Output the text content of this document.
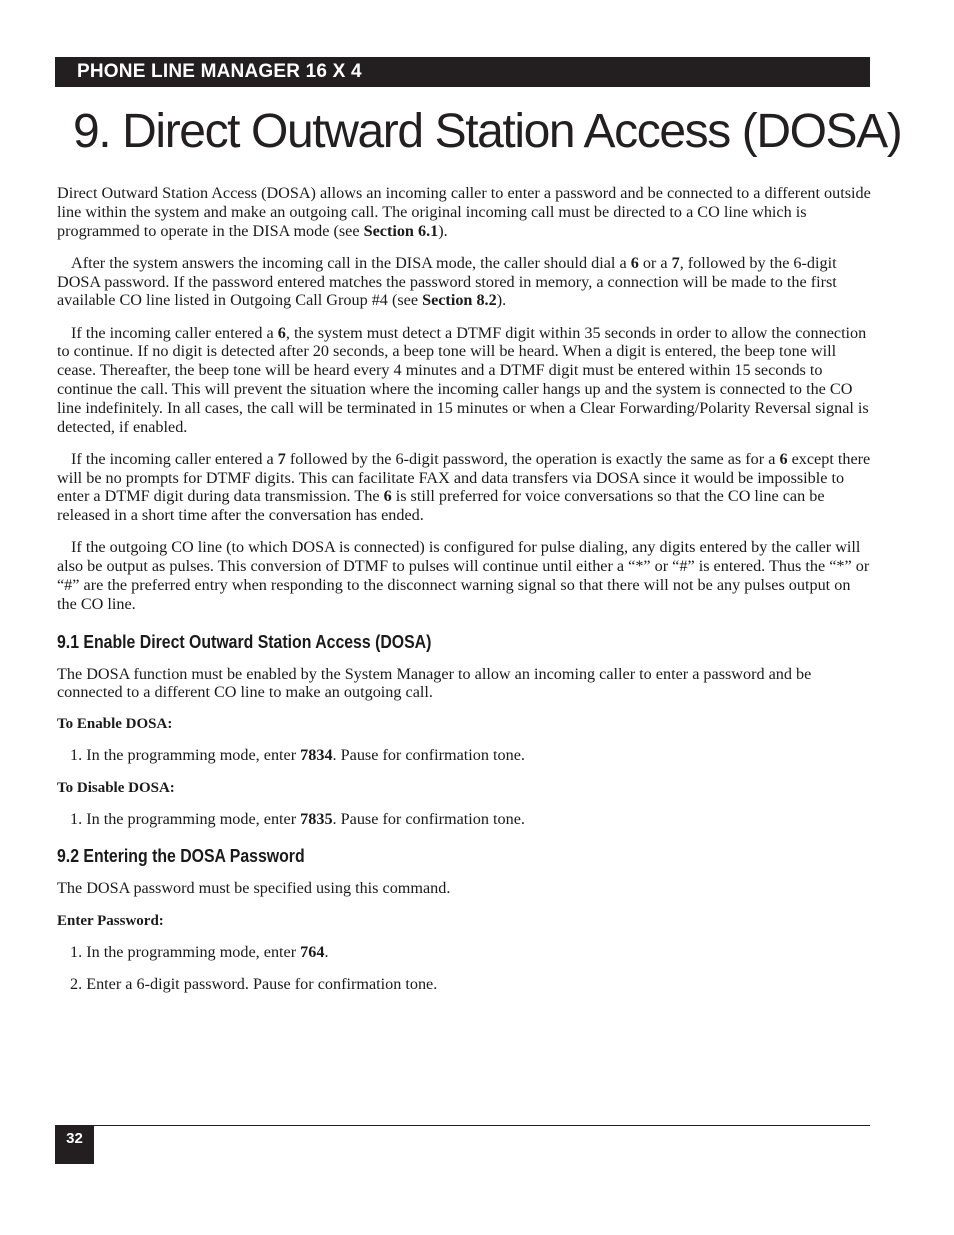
PHONE LINE MANAGER 16 X 4
9. Direct Outward Station Access (DOSA)

Direct Outward Station Access (DOSA) allows an incoming caller to enter a password and be connected to a different outside line within the system and make an outgoing call. The original incoming call must be directed to a CO line which is programmed to operate in the DISA mode (see Section 6.1).

After the system answers the incoming call in the DISA mode, the caller should dial a 6 or a 7, followed by the 6-digit DOSA password. If the password entered matches the password stored in memory, a connection will be made to the first available CO line listed in Outgoing Call Group #4 (see Section 8.2).

If the incoming caller entered a 6, the system must detect a DTMF digit within 35 seconds in order to allow the connection to continue. If no digit is detected after 20 seconds, a beep tone will be heard. When a digit is entered, the beep tone will cease. Thereafter, the beep tone will be heard every 4 minutes and a DTMF digit must be entered within 15 seconds to continue the call. This will prevent the situation where the incoming caller hangs up and the system is connected to the CO line indefinitely. In all cases, the call will be terminated in 15 minutes or when a Clear Forwarding/Polarity Reversal signal is detected, if enabled.

If the incoming caller entered a 7 followed by the 6-digit password, the operation is exactly the same as for a 6 except there will be no prompts for DTMF digits. This can facilitate FAX and data transfers via DOSA since it would be impossible to enter a DTMF digit during data transmission. The 6 is still preferred for voice conversations so that the CO line can be released in a short time after the conversation has ended.

If the outgoing CO line (to which DOSA is connected) is configured for pulse dialing, any digits entered by the caller will also be output as pulses. This conversion of DTMF to pulses will continue until either a “*” or “#” is entered. Thus the “*” or “#” are the preferred entry when responding to the disconnect warning signal so that there will not be any pulses output on the CO line.

9.1 Enable Direct Outward Station Access (DOSA)

The DOSA function must be enabled by the System Manager to allow an incoming caller to enter a password and be connected to a different CO line to make an outgoing call.

To Enable DOSA:

1. In the programming mode, enter 7834. Pause for confirmation tone.

To Disable DOSA:

1. In the programming mode, enter 7835. Pause for confirmation tone.

9.2 Entering the DOSA Password

The DOSA password must be specified using this command.

Enter Password:

1. In the programming mode, enter 764.

2. Enter a 6-digit password. Pause for confirmation tone.

32
